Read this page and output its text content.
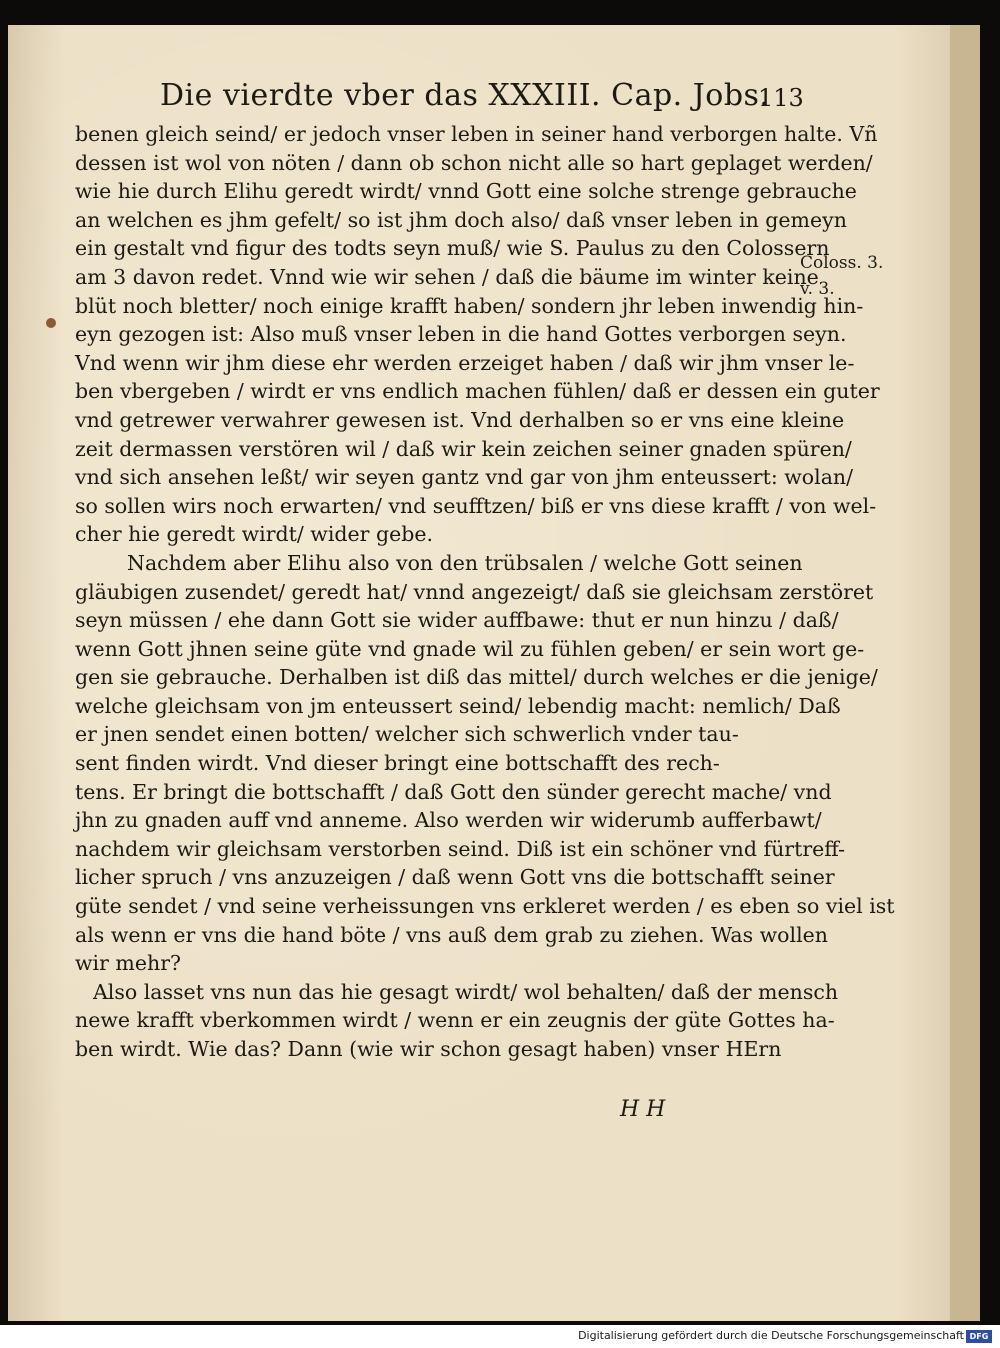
Die vierdte vber das XXXIII. Cap. Jobs.
113
benen gleich seind/ er jedoch vnser leben in seiner hand verborgen halte. Vñ
dessen ist wol von nöten / dann ob schon nicht alle so hart geplaget werden/
wie hie durch Elihu geredt wirdt/ vnnd Gott eine solche strenge gebrauche
an welchen es jhm gefelt/ so ist jhm doch also/ daß vnser leben in gemeyn
ein gestalt vnd figur des todts seyn muß/ wie S. Paulus zu den Colossern
am 3 davon redet. Vnnd wie wir sehen / daß die bäume im winter keine
blüt noch bletter/ noch einige krafft haben/ sondern jhr leben inwendig hin-
eyn gezogen ist: Also muß vnser leben in die hand Gottes verborgen seyn.
Vnd wenn wir jhm diese ehr werden erzeiget haben / daß wir jhm vnser le-
ben vbergeben / wirdt er vns endlich machen fühlen/ daß er dessen ein guter
vnd getrewer verwahrer gewesen ist. Vnd derhalben so er vns eine kleine
zeit dermassen verstören wil / daß wir kein zeichen seiner gnaden spüren/
vnd sich ansehen leßt/ wir seyen gantz vnd gar von jhm enteussert: wolan/
so sollen wirs noch erwarten/ vnd seufftzen/ biß er vns diese krafft / von wel-
cher hie geredt wirdt/ wider gebe.
Nachdem aber Elihu also von den trübsalen / welche Gott seinen
gläubigen zusendet/ geredt hat/ vnnd angezeigt/ daß sie gleichsam zerstöret
seyn müssen / ehe dann Gott sie wider auffbawe: thut er nun hinzu / daß/
wenn Gott jhnen seine güte vnd gnade wil zu fühlen geben/ er sein wort ge-
gen sie gebrauche. Derhalben ist diß das mittel/ durch welches er die jenige/
welche gleichsam von jm enteussert seind/ lebendig macht: nemlich/ Daß
er jnen sendet einen botten/ welcher sich schwerlich vnder tau-
sent finden wirdt. Vnd dieser bringt eine bottschafft des rech-
tens. Er bringt die bottschafft / daß Gott den sünder gerecht mache/ vnd
jhn zu gnaden auff vnd anneme. Also werden wir widerumb aufferbawt/
nachdem wir gleichsam verstorben seind. Diß ist ein schöner vnd fürtreff-
licher spruch / vns anzuzeigen / daß wenn Gott vns die bottschafft seiner
güte sendet / vnd seine verheissungen vns erkleret werden / es eben so viel ist
als wenn er vns die hand böte / vns auß dem grab zu ziehen. Was wollen
wir mehr?
Also lasset vns nun das hie gesagt wirdt/ wol behalten/ daß der mensch
newe krafft vberkommen wirdt / wenn er ein zeugnis der güte Gottes ha-
ben wirdt. Wie das? Dann (wie wir schon gesagt haben) vnser HErn
Coloss. 3.
v. 3.
H H
Digitalisierung gefördert durch die Deutsche Forschungsgemeinschaft DFG
